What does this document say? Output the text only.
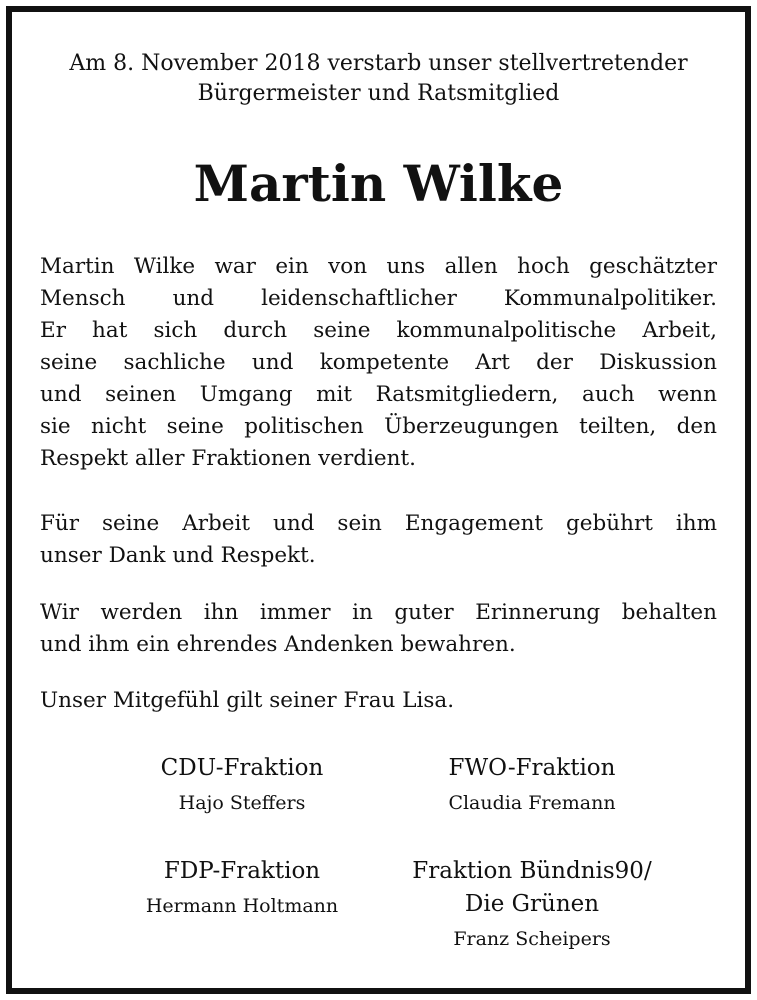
Am 8. November 2018 verstarb unser stellvertretender
Bürgermeister und Ratsmitglied
Martin Wilke
Martin Wilke war ein von uns allen hoch geschätzter
Mensch und leidenschaftlicher Kommunalpolitiker.
Er hat sich durch seine kommunalpolitische Arbeit,
seine sachliche und kompetente Art der Diskussion
und seinen Umgang mit Ratsmitgliedern, auch wenn
sie nicht seine politischen Überzeugungen teilten, den
Respekt aller Fraktionen verdient.
Für seine Arbeit und sein Engagement gebührt ihm
unser Dank und Respekt.
Wir werden ihn immer in guter Erinnerung behalten
und ihm ein ehrendes Andenken bewahren.
Unser Mitgefühl gilt seiner Frau Lisa.
CDU-Fraktion
Hajo Steffers
FWO-Fraktion
Claudia Fremann
FDP-Fraktion
Hermann Holtmann
Fraktion Bündnis90/
Die Grünen
Franz Scheipers
